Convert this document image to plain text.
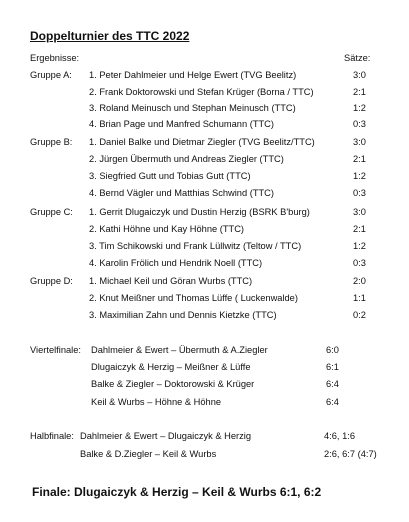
Doppelturnier des TTC 2022
Ergebnisse:	Sätze:
Gruppe A: 1. Peter Dahlmeier und Helge Ewert (TVG Beelitz)	3:0
2. Frank Doktorowski und Stefan Krüger (Borna / TTC)	2:1
3. Roland Meinusch und Stephan Meinusch (TTC)	1:2
4. Brian Page und Manfred Schumann (TTC)	0:3
Gruppe B: 1. Daniel Balke und Dietmar Ziegler (TVG Beelitz/TTC)	3:0
2. Jürgen Übermuth und Andreas Ziegler (TTC)	2:1
3. Siegfried Gutt und Tobias Gutt (TTC)	1:2
4. Bernd Vägler und Matthias Schwind (TTC)	0:3
Gruppe C: 1. Gerrit Dlugaiczyk und Dustin Herzig (BSRK B'burg)	3:0
2. Kathi Höhne und Kay Höhne (TTC)	2:1
3. Tim Schikowski und Frank Lüllwitz (Teltow / TTC)	1:2
4. Karolin Frölich und Hendrik Noell (TTC)	0:3
Gruppe D: 1. Michael Keil und Göran Wurbs (TTC)	2:0
2. Knut Meißner und Thomas Lüffe ( Luckenwalde)	1:1
3. Maximilian Zahn und Dennis Kietzke (TTC)	0:2
Viertelfinale: Dahlmeier & Ewert – Übermuth & A.Ziegler	6:0
Dlugaiczyk & Herzig – Meißner & Lüffe	6:1
Balke & Ziegler – Doktorowski & Krüger	6:4
Keil & Wurbs – Höhne & Höhne	6:4
Halbfinale: Dahlmeier & Ewert – Dlugaiczyk & Herzig	4:6, 1:6
Balke & D.Ziegler – Keil & Wurbs	2:6, 6:7 (4:7)
Finale: Dlugaiczyk & Herzig – Keil & Wurbs 6:1, 6:2
